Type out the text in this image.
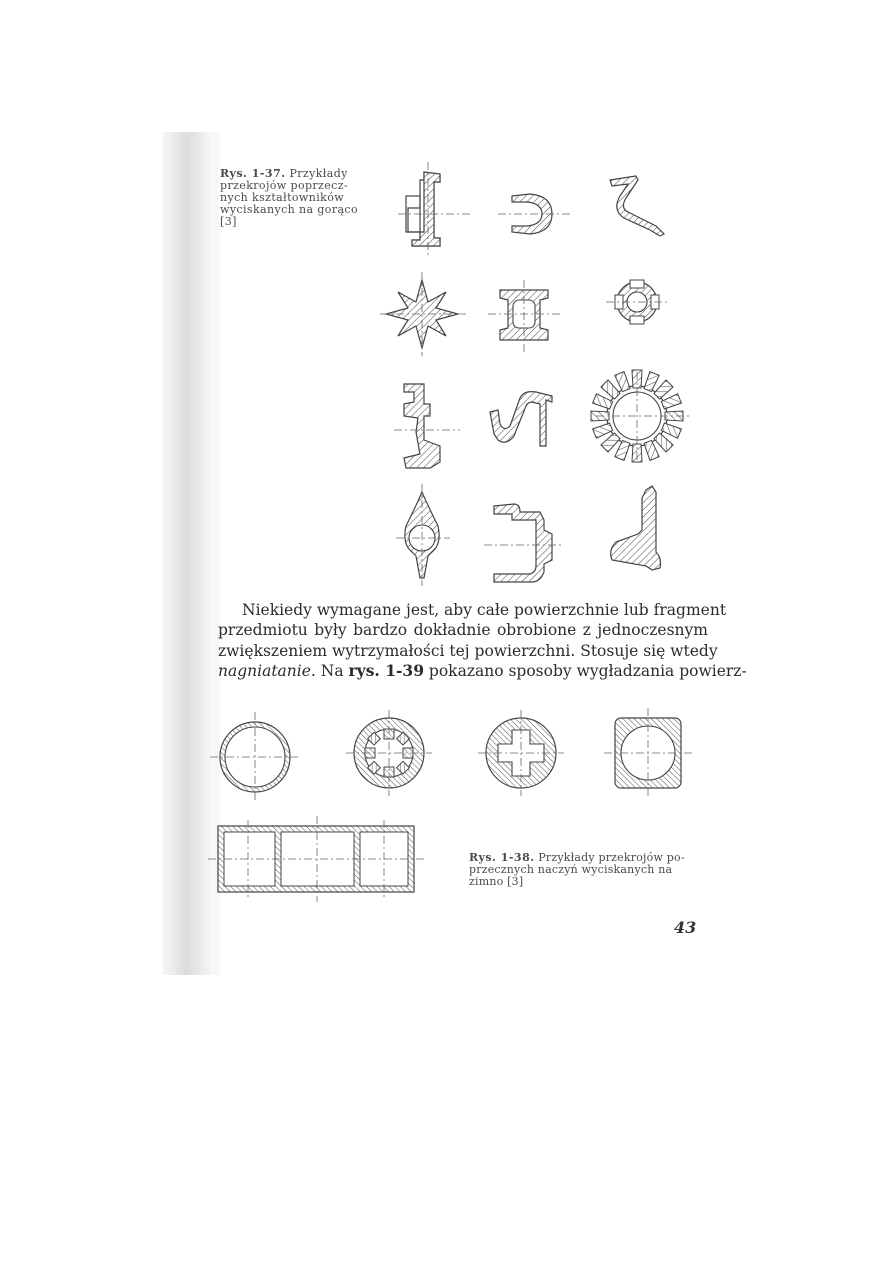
Rys. 1-37. Przykłady
przekrojów poprzecz-
nych kształtowników
wyciskanych na gorąco
[3]
Niekiedy wymagane jest, aby całe powierzchnie lub fragment
przedmiotu były bardzo dokładnie obrobione z jednoczesnym
zwiększeniem wytrzymałości tej powierzchni. Stosuje się wtedy
nagniatanie. Na rys. 1-39 pokazano sposoby wygładzania powierz-
Rys. 1-38. Przykłady przekrojów po-
przecznych naczyń wyciskanych na
zimno [3]
43
